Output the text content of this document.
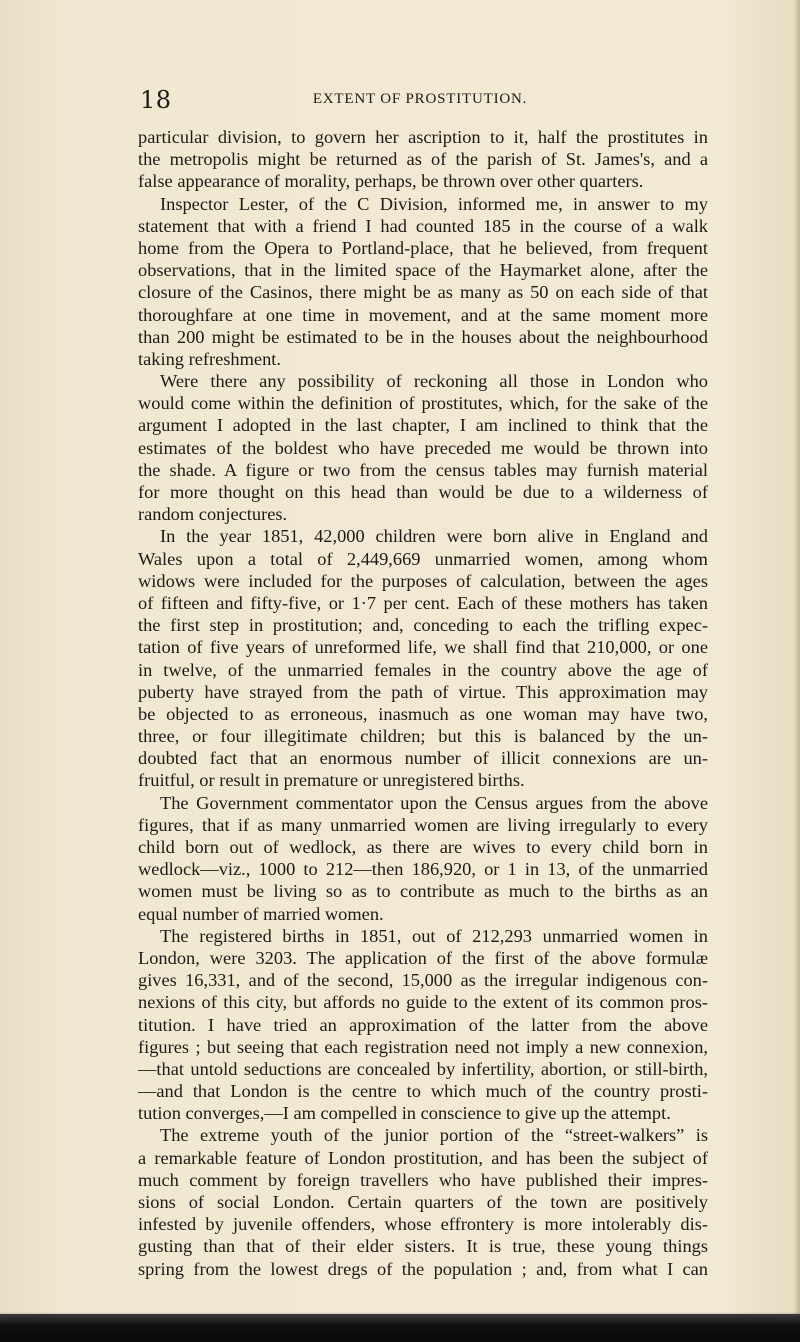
18	EXTENT OF PROSTITUTION.
particular division, to govern her ascription to it, half the prostitutes in
the metropolis might be returned as of the parish of St. James's, and a
false appearance of morality, perhaps, be thrown over other quarters.
Inspector Lester, of the C Division, informed me, in answer to my
statement that with a friend I had counted 185 in the course of a walk
home from the Opera to Portland-place, that he believed, from frequent
observations, that in the limited space of the Haymarket alone, after the
closure of the Casinos, there might be as many as 50 on each side of that
thoroughfare at one time in movement, and at the same moment more
than 200 might be estimated to be in the houses about the neighbourhood
taking refreshment.
Were there any possibility of reckoning all those in London who
would come within the definition of prostitutes, which, for the sake of the
argument I adopted in the last chapter, I am inclined to think that the
estimates of the boldest who have preceded me would be thrown into
the shade. A figure or two from the census tables may furnish material
for more thought on this head than would be due to a wilderness of
random conjectures.
In the year 1851, 42,000 children were born alive in England and
Wales upon a total of 2,449,669 unmarried women, among whom
widows were included for the purposes of calculation, between the ages
of fifteen and fifty-five, or 1·7 per cent. Each of these mothers has taken
the first step in prostitution; and, conceding to each the trifling expec-
tation of five years of unreformed life, we shall find that 210,000, or one
in twelve, of the unmarried females in the country above the age of
puberty have strayed from the path of virtue. This approximation may
be objected to as erroneous, inasmuch as one woman may have two,
three, or four illegitimate children; but this is balanced by the un-
doubted fact that an enormous number of illicit connexions are un-
fruitful, or result in premature or unregistered births.
The Government commentator upon the Census argues from the above
figures, that if as many unmarried women are living irregularly to every
child born out of wedlock, as there are wives to every child born in
wedlock—viz., 1000 to 212—then 186,920, or 1 in 13, of the unmarried
women must be living so as to contribute as much to the births as an
equal number of married women.
The registered births in 1851, out of 212,293 unmarried women in
London, were 3203. The application of the first of the above formulæ
gives 16,331, and of the second, 15,000 as the irregular indigenous con-
nexions of this city, but affords no guide to the extent of its common pros-
titution. I have tried an approximation of the latter from the above
figures ; but seeing that each registration need not imply a new connexion,
—that untold seductions are concealed by infertility, abortion, or still-birth,
—and that London is the centre to which much of the country prosti-
tution converges,—I am compelled in conscience to give up the attempt.
The extreme youth of the junior portion of the “street-walkers” is
a remarkable feature of London prostitution, and has been the subject of
much comment by foreign travellers who have published their impres-
sions of social London. Certain quarters of the town are positively
infested by juvenile offenders, whose effrontery is more intolerably dis-
gusting than that of their elder sisters. It is true, these young things
spring from the lowest dregs of the population ; and, from what I can
